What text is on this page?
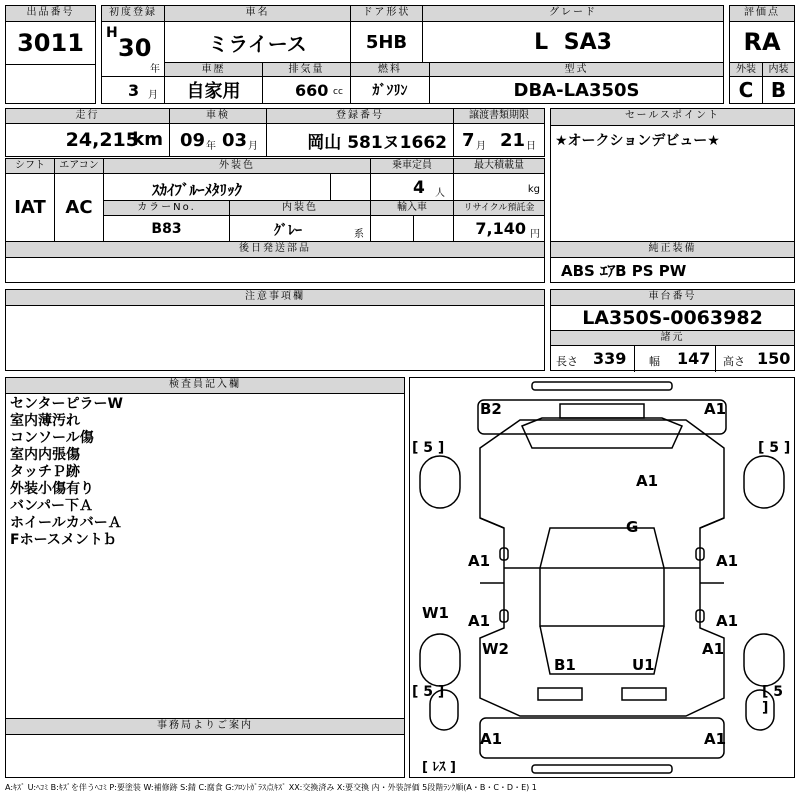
出品番号
3011
初度登録
H
30
年
3 月
車名
ミライース
ドア形状
5HB
グレード
L SA3
評価点
RA
車歴
自家用
排気量
660 cc
燃料
ｶﾞｿﾘﾝ
型式
DBA-LA350S
外装
C
内装
B
走行
24,215
km
車検
09 年 03 月
登録番号
岡山 581ヌ1662
譲渡書類期限
7 月 21 日
セールスポイント
★オークションデビュー★
シフト
IAT
エアコン
AC
外装色
ｽｶｲﾌﾞﾙｰﾒﾀﾘｯｸ
乗車定員
4 人
最大積載量
kg
カラーNo.
B83
内装色
ｸﾞﾚｰ	系
輸入車	リサイクル預託金
7,140 円
後日発送部品	純正装備
ABS ｴｱB PS PW
注意事項欄	車台番号
LA350S-0063982
諸元
長さ 339 幅 147 高さ 150
検査員記入欄
センターピラーW
室内薄汚れ
コンソール傷
室内内張傷
タッチＰ跡
外装小傷有り
バンパー下Ａ
ホイールカバーＡ
Fホースメントｂ
事務局よりご案内
B2	A1
A1
G
A1	A1
A1	A1
W1
W2	A1
B1	U1
A1	A1
[ 5 ]	[ 5 ]
[ 5 ]	[ 5 ]
[ ﾚｽ ]
A:ｷｽﾞ U:ﾍｺﾐ B:ｷｽﾞを伴うﾍｺﾐ P:要塗装 W:補修跡 S:錆 C:腐食 G:ﾌﾛﾝﾄｶﾞﾗｽ点ｷｽﾞ XX:交換済み X:要交換 内・外装評価 5段階ﾗﾝｸ順(A・B・C・D・E) 1
